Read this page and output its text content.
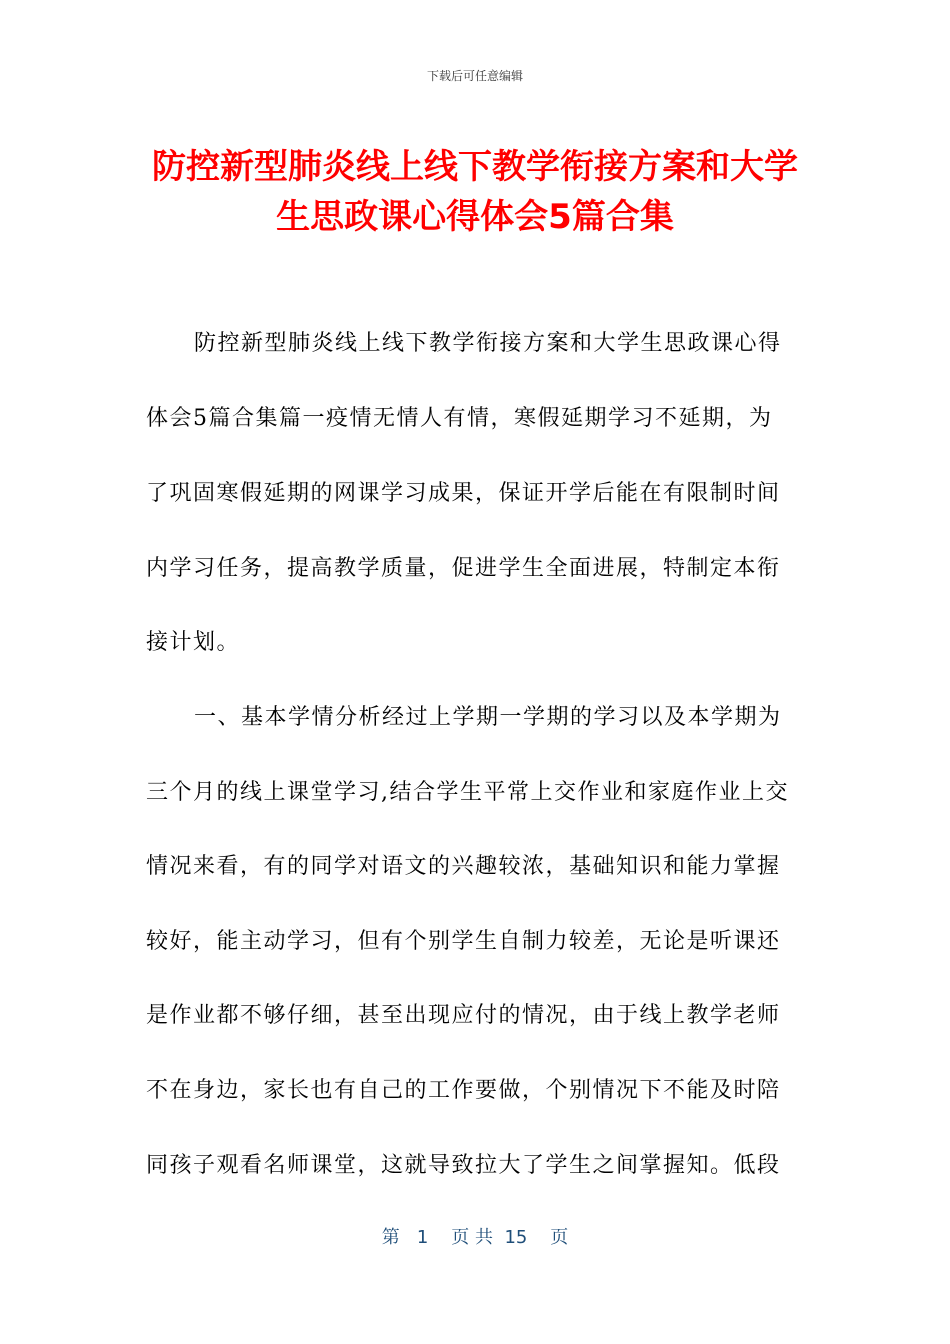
下载后可任意编辑
防控新型肺炎线上线下教学衔接方案和大学
生思政课心得体会5篇合集
防控新型肺炎线上线下教学衔接方案和大学生思政课心得
体会5篇合集篇一疫情无情人有情，寒假延期学习不延期，为
了巩固寒假延期的网课学习成果，保证开学后能在有限制时间
内学习任务，提高教学质量，促进学生全面进展，特制定本衔
接计划。
一、基本学情分析经过上学期一学期的学习以及本学期为
三个月的线上课堂学习,结合学生平常上交作业和家庭作业上交
情况来看，有的同学对语文的兴趣较浓，基础知识和能力掌握
较好，能主动学习，但有个别学生自制力较差，无论是听课还
是作业都不够仔细，甚至出现应付的情况，由于线上教学老师
不在身边，家长也有自己的工作要做，个别情况下不能及时陪
同孩子观看名师课堂，这就导致拉大了学生之间掌握知。低段
第 1 页 共 15 页
